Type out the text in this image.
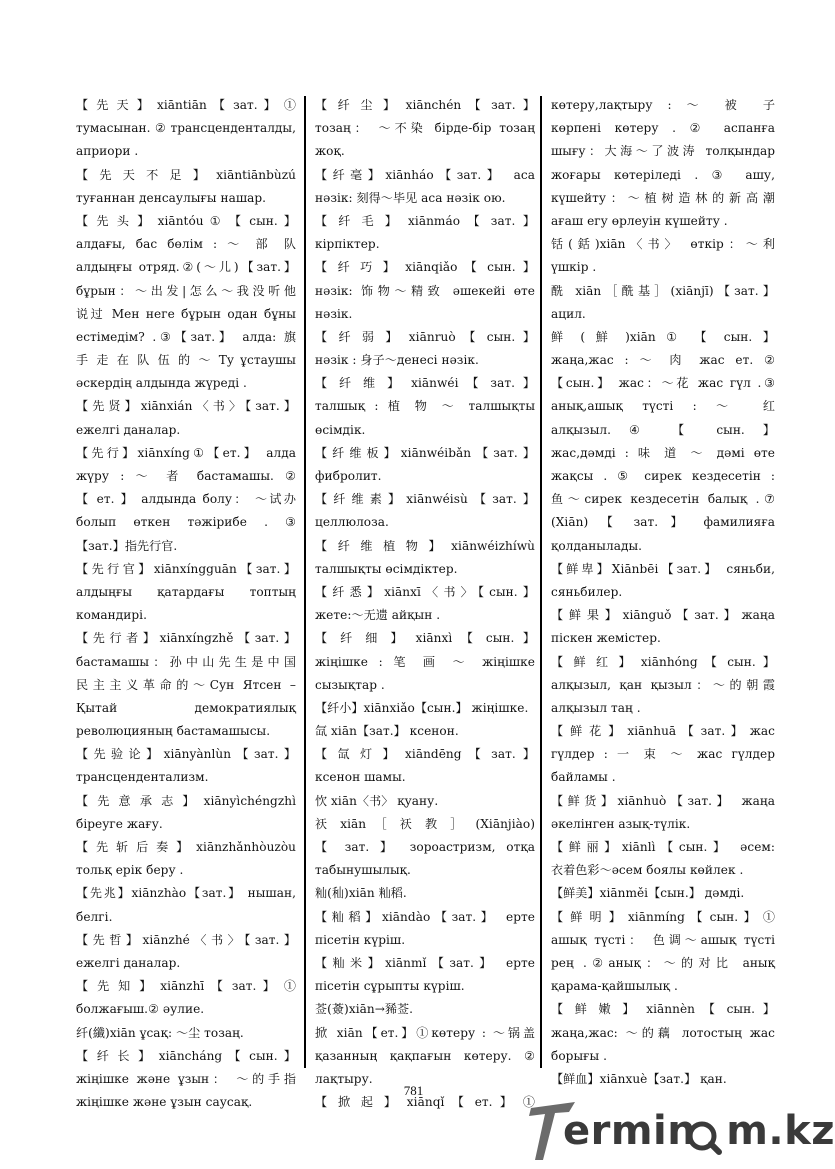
【 先 天 】 xiāntiān 【 зат. 】 ①
тумасынан.②трансценденталды,
априори .
【 先 天 不 足 】 xiāntiānbùzú
туғаннан денсаулығы нашар.
【 先 头 】 xiāntóu ① 【 сын. 】
алдағы, бас бөлім : ～ 部 队
алдыңғы отряд.②(～儿)【зат.】
бұрын：～出发|怎么～我没听他
说过 Мен неге бұрын одан бұны
естімедім? .③【зат.】 алда: 旗
手 走 在 队 伍 的 ～ Ту ұстаушы
әскердің алдында жүреді .
【先贤】xiānxián〈书〉【зат.】
ежелгі даналар.
【先行】xiānxíng①【ет.】 алда
жүру : ～ 者 бастамашы. ②
【 ет. 】 алдында болу： ～试办
болып өткен тәжірибе . ③
【зат.】指先行官.
【先行官】xiānxíngguān【зат.】
алдыңғы қатардағы топтың
командирі.
【先行者】xiānxíngzhě【зат.】
бастамашы：孙中山先生是中国
民主主义革命的～Сун Ятсен –
Қытай демократиялық
революцияның бастамашысы.
【先验论】xiānyànlùn【зат.】
трансцендентализм.
【 先 意 承 志 】 xiānyìchéngzhì
біреуге жағу.
【 先 斩 后 奏 】 xiānzhǎnhòuzòu
тольқ ерік беру .
【先兆】xiānzhào【зат.】 нышан,
белгі.
【先哲】xiānzhé〈书〉【зат.】
ежелгі даналар.
【 先 知 】 xiānzhī 【 зат. 】 ①
болжағыш.② әулие.
纤(纖)xiān ұсақ: ～尘 тозаң.
【 纤 长 】 xiāncháng 【 сын. 】
жіңішке және ұзын： ～的手指
жіңішке және ұзын саусақ.
【 纤 尘 】 xiānchén 【 зат. 】
тозаң： ～不染 бірде-бір тозаң
жоқ.
【纤毫】xiānháo【зат.】 аса
нәзік: 刻得～毕见 аса нәзік ою.
【 纤 毛 】 xiānmáo 【 зат. 】
кірпіктер.
【 纤 巧 】 xiānqiǎo 【 сын. 】
нәзік: 饰物～精致 әшекейі өте
нәзік.
【 纤 弱 】 xiānruò 【 сын. 】
нәзік : 身子～денесі нәзік.
【 纤 维 】 xiānwéi 【 зат. 】
талшық : 植 物 ～ талшықты
өсімдік.
【纤维板】xiānwéibǎn【зат.】
фибролит.
【纤维素】xiānwéisù【зат.】
целлюлоза.
【 纤 维 植 物 】 xiānwéizhíwù
талшықты өсімдіктер.
【纤悉】xiānxī〈书〉【сын.】
жете:～无遗 айқын .
【 纤 细 】 xiānxì 【 сын. 】
жіңішке : 笔 画 ～ жіңішке
сызықтар .
【纤小】xiānxiǎo【сын.】 жіңішке.
氙 xiān【зат.】 ксенон.
【 氙 灯 】 xiāndēng 【 зат. 】
ксенон шамы.
忺 xiān〈书〉 қуану.
祆 xiān ［ 祆 教 ］ (Xiānjiào)
【 зат. 】 зороастризм, отқа
табынушылық.
籼(秈)xiān 籼稻.
【籼稻】xiāndào【зат.】 ерте
пісетін күріш.
【籼米】xiānmǐ【зат.】 ерте
пісетін сұрыпты күріш.
莶(薟)xiān→豨莶.
掀 xiān【ет.】①көтеру : ～锅盖
қазанның қақпағын көтеру. ②
лақтыру.
【 掀 起 】 xiānqǐ 【 ет. 】 ①
көтеру,лақтыру : ～ 被 子
көрпені көтеру . ② аспанға
шығу：大海～了波涛 толқындар
жоғары көтеріледі . ③ ашу,
күшейту：～植树造林的新高潮
ағаш егу өрлеуін күшейту .
铦(銛)xiān〈书〉 өткір：～利
үшкір .
酰 xiān［酰基］(xiānjī)【зат.】
ацил.
鲜 ( 鮮 )xiān ① 【 сын. 】
жаңа,жас : ～ 肉 жас ет. ②
【сын.】 жас：～花 жас гүл .③
анық,ашық түсті : ～ 红
алқызыл. ④ 【 сын. 】
жас,дәмді : 味 道 ～ дәмі өте
жақсы . ⑤ сирек кездесетін :
鱼～сирек кездесетін балық .⑦
(Xiān) 【 зат. 】 фамилияға
қолданылады.
【鲜卑】Xiānbēi【зат.】 сяньби,
сяньбилер.
【 鲜 果 】 xiānguǒ 【 зат. 】 жаңа
піскен жемістер.
【 鲜 红 】 xiānhóng 【 сын. 】
алқызыл, қан қызыл：～的朝霞
алқызыл таң .
【 鲜 花 】 xiānhuā 【 зат. 】 жас
гүлдер : 一 束 ～ жас гүлдер
байламы .
【鲜货】xiānhuò【зат.】 жаңа
әкелінген азық-түлік.
【鲜丽】xiānlì【сын.】 әсем:
衣着色彩～әсем боялы көйлек .
【鲜美】xiānměi【сын.】 дәмді.
【 鲜 明 】 xiānmíng 【 сын. 】 ①
ашық түсті： 色调～ашық түсті
рең .②анық：～的对比 анық
қарама-қайшылық .
【 鲜 嫩 】 xiānnèn 【 сын. 】
жаңа,жас: ～的藕 лотостың жас
борығы .
【鲜血】xiānxuè【зат.】 қан.
781
ermin m.kz
